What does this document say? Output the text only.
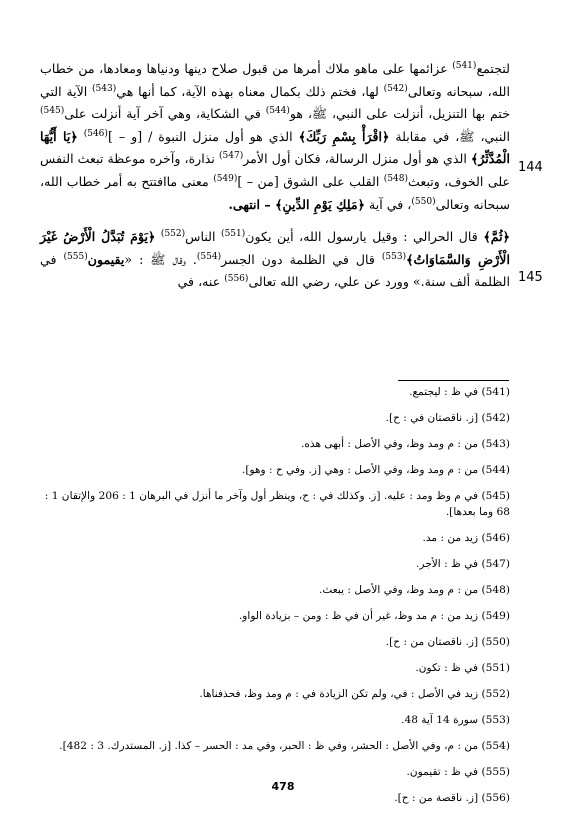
لتجتمع$^{(541)}$ عزائمها على ماهو ملاك أمرها من قبول صلاح دينها ودنياها ومعادها، من خطاب الله، سبحانه وتعالى$^{(542)}$ لها، فختم ذلك بكمال معناه بهذه الآية، كما أنها هي$^{(543)}$ الآية التي ختم بها التنزيل، أنزلت على النبي، ﷺ، هو$^{(544)}$ في الشكاية، وهي آخر آية أنزلت على$^{(545)}$ النبي، ﷺ، في مقابلة ﴿اقْرَأْ بِسْمِ رَبِّكَ﴾ الذي هو أول منزل النبوة / [و – ]$^{(546)}$ ﴿يَا أَيُّهَا الْمُدَّثِّرُ﴾ الذي هو أول منزل الرسالة، فكان أول الأمر$^{(547)}$ نذارة، وآخره موعظة تبعث النفس على الخوف، وتبعث$^{(548)}$ القلب على الشوق [من – ]$^{(549)}$ معنى ماافتتح به أمر خطاب الله، سبحانه وتعالى$^{(550)}$، في آية ﴿مَلِكِ يَوْمِ الدِّينِ﴾ – انتهى.

﴿ثُمَّ﴾ قال الحرالي : وقيل يارسول الله، أين يكون$^{(551)}$ الناس$^{(552)}$ ﴿يَوْمَ تُبَدَّلُ الْأَرْضُ غَيْرَ الْأَرْضِ وَالسَّمَاوَاتُ﴾$^{(553)}$ قال في الظلمة دون الجسر$^{(554)}$. وقال ﷺ : «يقيمون$^{(555)}$ في الظلمة ألف سنة.» وورد عن علي، رضي الله تعالى$^{(556)}$ عنه، في

144
145
(541) في ظ : ليجتمع.
(542) [ز. ناقصتان في : ح].
(543) من : م ومد وظ، وفي الأصل : أبهى هذه.
(544) من : م ومد وظ، وفي الأصل : وهي [ز. وفي ح : وهو].
(545) في م وظ ومد : عليه. [ز. وكذلك في : ح، وينظر أول وآخر ما أنزل في البرهان 1 : 206 والإتقان 1 : 68 وما بعدها].
(546) زيد من : مد.
(547) في ظ : الأجر.
(548) من : م ومد وظ، وفي الأصل : يبعث.
(549) زيد من : م مد وظ، غير أن في ظ : ومن – بزيادة الواو.
(550) [ز. ناقصتان من : ح].
(551) في ظ : تكون.
(552) زيد في الأصل : في، ولم تكن الزيادة في : م ومد وظ، فحذفناها.
(553) سورة 14 آية 48.
(554) من : م، وفي الأصل : الحشر، وفي ظ : الحبر، وفي مد : الحسر – كذا. [ز. المستدرك. 3 : 482].
(555) في ظ : تقيمون.
(556) [ز. ناقصة من : ح].
478
